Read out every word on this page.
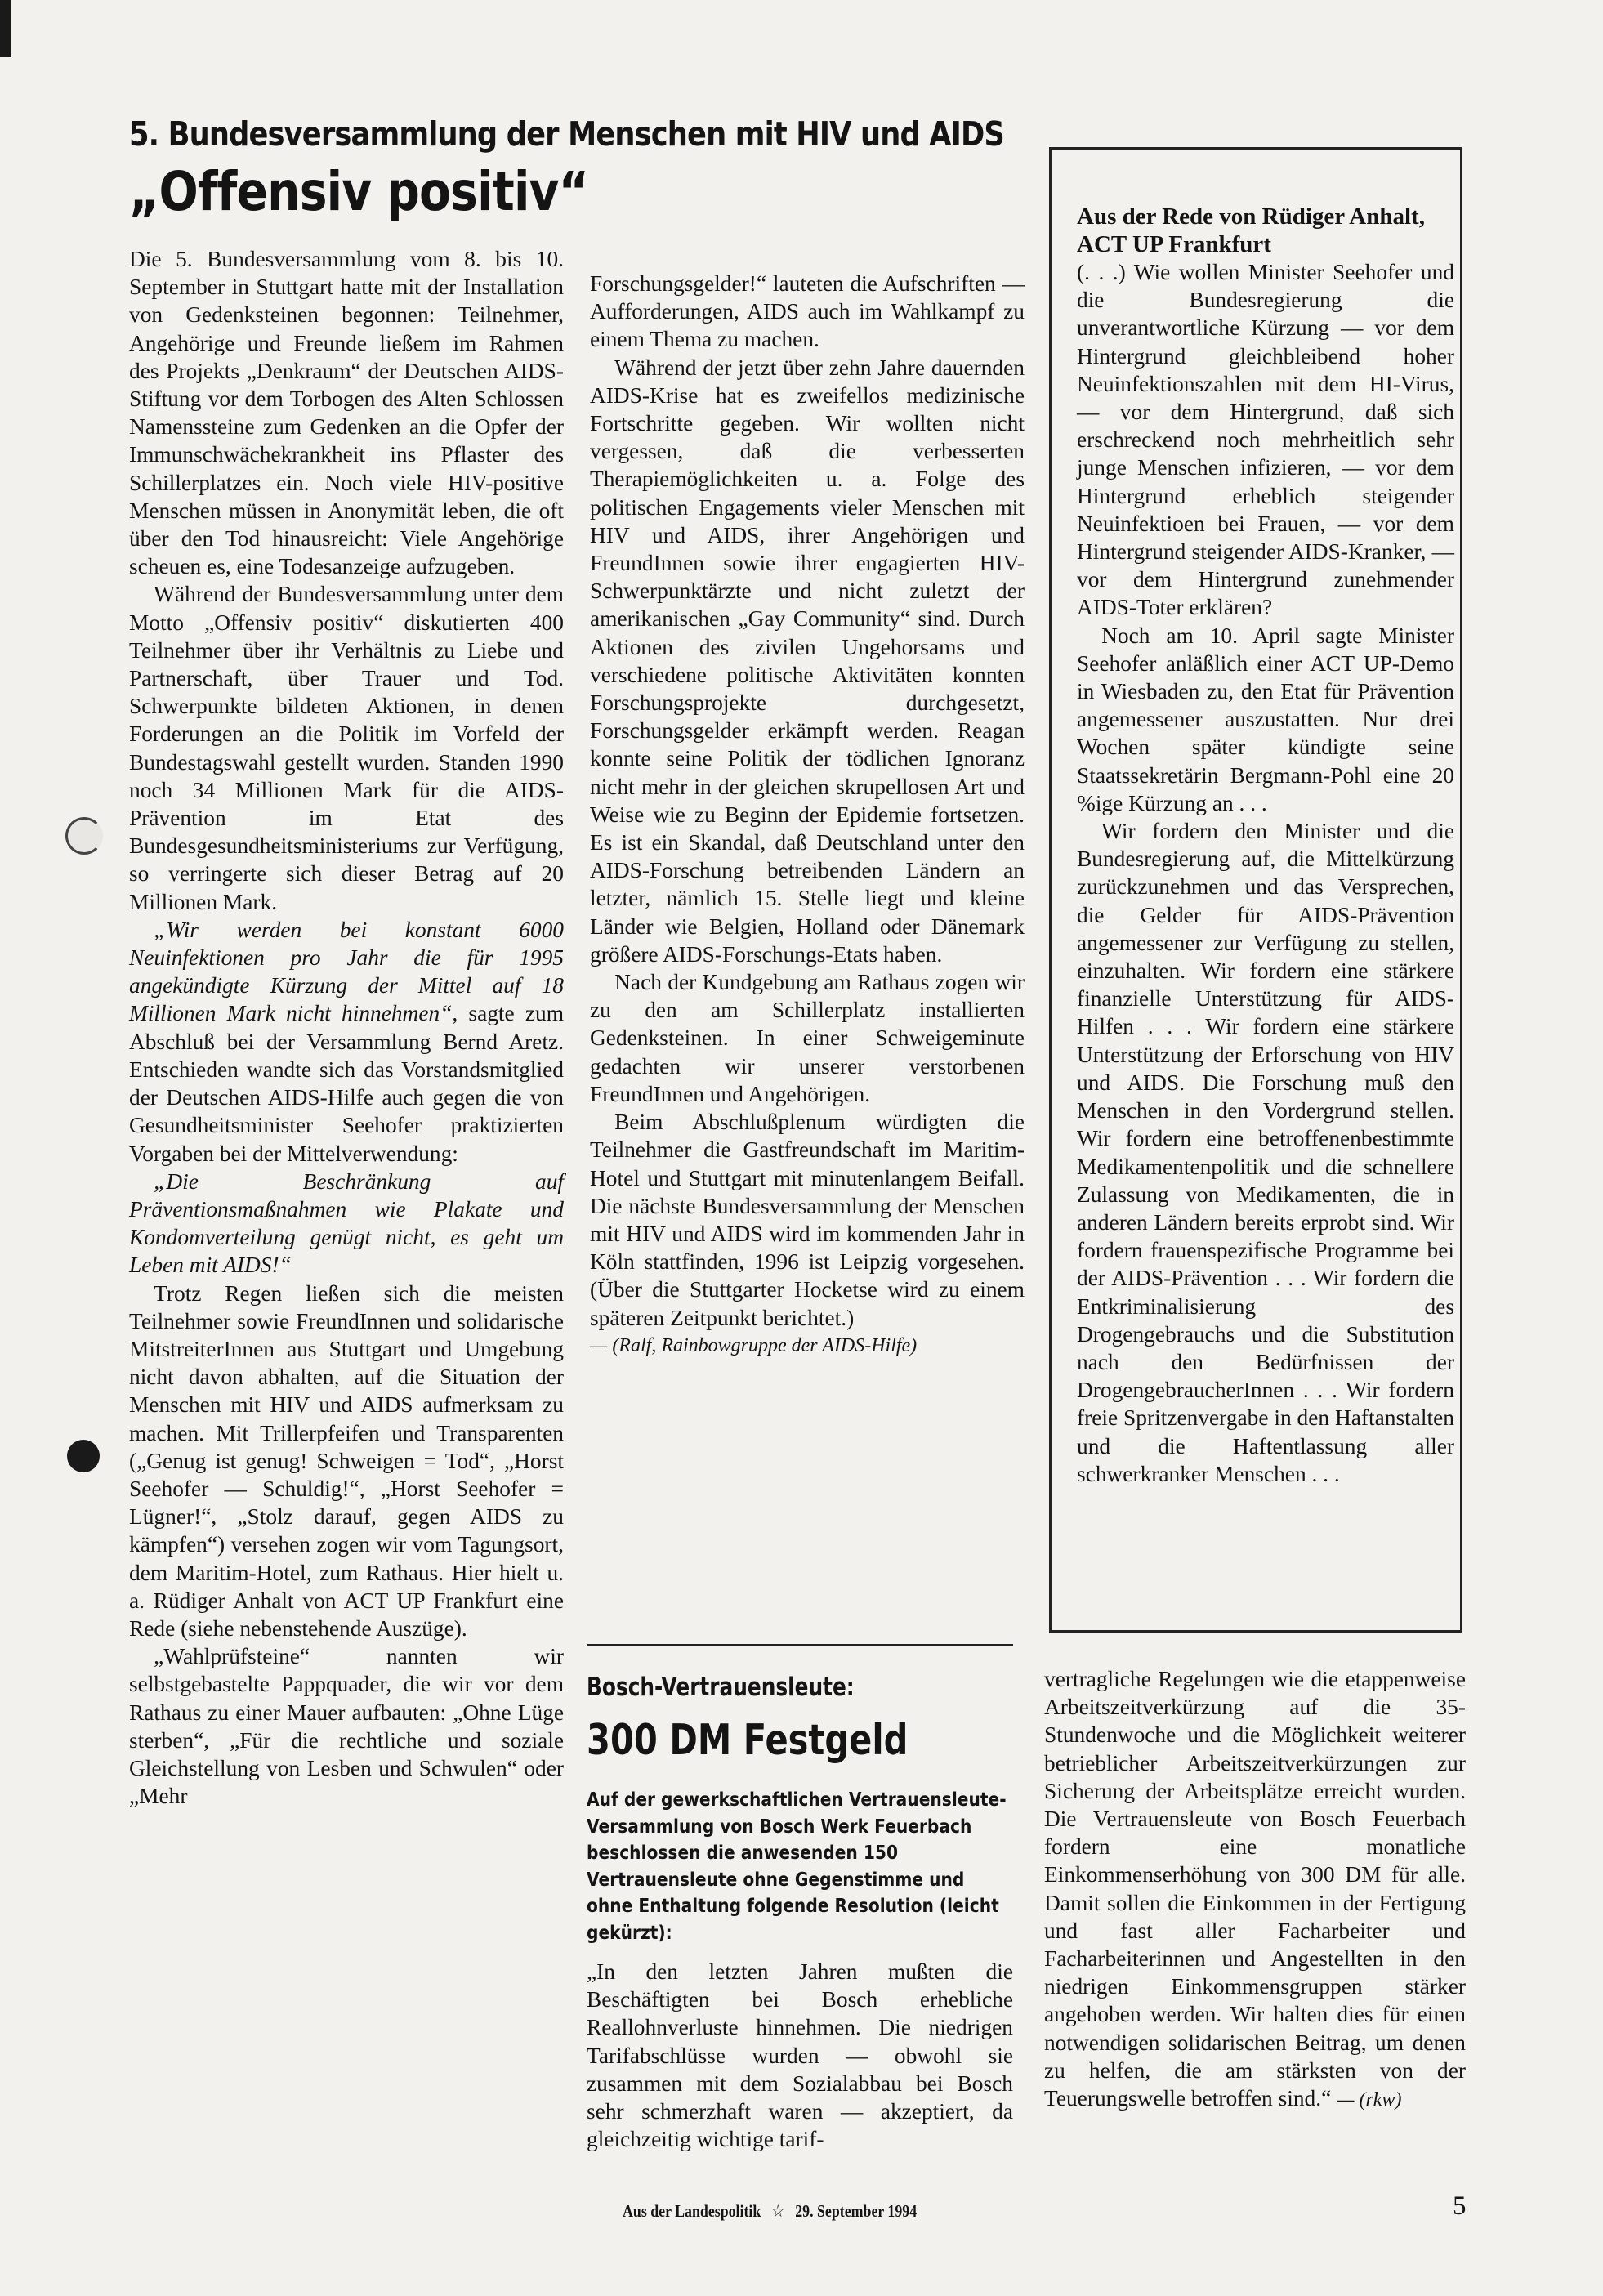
5. Bundesversammlung der Menschen mit HIV und AIDS
„Offensiv positiv“

Die 5. Bundesversammlung vom 8. bis 10. September in Stuttgart hatte mit der Installation von Gedenksteinen begonnen: Teilnehmer, Angehörige und Freunde ließem im Rahmen des Projekts „Denkraum“ der Deutschen AIDS-Stiftung vor dem Torbogen des Alten Schlossen Namenssteine zum Gedenken an die Opfer der Immunschwächekrankheit ins Pflaster des Schillerplatzes ein. Noch viele HIV-positive Menschen müssen in Anonymität leben, die oft über den Tod hinausreicht: Viele Angehörige scheuen es, eine Todesanzeige aufzugeben.

Während der Bundesversammlung unter dem Motto „Offensiv positiv“ diskutierten 400 Teilnehmer über ihr Verhältnis zu Liebe und Partnerschaft, über Trauer und Tod. Schwerpunkte bildeten Aktionen, in denen Forderungen an die Politik im Vorfeld der Bundestagswahl gestellt wurden. Standen 1990 noch 34 Millionen Mark für die AIDS-Prävention im Etat des Bundesgesundheitsministeriums zur Verfügung, so verringerte sich dieser Betrag auf 20 Millionen Mark.

„Wir werden bei konstant 6000 Neuinfektionen pro Jahr die für 1995 angekündigte Kürzung der Mittel auf 18 Millionen Mark nicht hinnehmen“, sagte zum Abschluß bei der Versammlung Bernd Aretz. Entschieden wandte sich das Vorstandsmitglied der Deutschen AIDS-Hilfe auch gegen die von Gesundheitsminister Seehofer praktizierten Vorgaben bei der Mittelverwendung:

„Die Beschränkung auf Präventionsmaßnahmen wie Plakate und Kondomverteilung genügt nicht, es geht um Leben mit AIDS!“

Trotz Regen ließen sich die meisten Teilnehmer sowie FreundInnen und solidarische MitstreiterInnen aus Stuttgart und Umgebung nicht davon abhalten, auf die Situation der Menschen mit HIV und AIDS aufmerksam zu machen. Mit Trillerpfeifen und Transparenten („Genug ist genug! Schweigen = Tod“, „Horst Seehofer — Schuldig!“, „Horst Seehofer = Lügner!“, „Stolz darauf, gegen AIDS zu kämpfen“) versehen zogen wir vom Tagungsort, dem Maritim-Hotel, zum Rathaus. Hier hielt u. a. Rüdiger Anhalt von ACT UP Frankfurt eine Rede (siehe nebenstehende Auszüge).

„Wahlprüfsteine“ nannten wir selbstgebastelte Pappquader, die wir vor dem Rathaus zu einer Mauer aufbauten: „Ohne Lüge sterben“, „Für die rechtliche und soziale Gleichstellung von Lesben und Schwulen“ oder „Mehr

Forschungsgelder!“ lauteten die Aufschriften — Aufforderungen, AIDS auch im Wahlkampf zu einem Thema zu machen.

Während der jetzt über zehn Jahre dauernden AIDS-Krise hat es zweifellos medizinische Fortschritte gegeben. Wir wollten nicht vergessen, daß die verbesserten Therapiemöglichkeiten u. a. Folge des politischen Engagements vieler Menschen mit HIV und AIDS, ihrer Angehörigen und FreundInnen sowie ihrer engagierten HIV-Schwerpunktärzte und nicht zuletzt der amerikanischen „Gay Community“ sind. Durch Aktionen des zivilen Ungehorsams und verschiedene politische Aktivitäten konnten Forschungsprojekte durchgesetzt, Forschungsgelder erkämpft werden. Reagan konnte seine Politik der tödlichen Ignoranz nicht mehr in der gleichen skrupellosen Art und Weise wie zu Beginn der Epidemie fortsetzen. Es ist ein Skandal, daß Deutschland unter den AIDS-Forschung betreibenden Ländern an letzter, nämlich 15. Stelle liegt und kleine Länder wie Belgien, Holland oder Dänemark größere AIDS-Forschungs-Etats haben.

Nach der Kundgebung am Rathaus zogen wir zu den am Schillerplatz installierten Gedenksteinen. In einer Schweigeminute gedachten wir unserer verstorbenen FreundInnen und Angehörigen.

Beim Abschlußplenum würdigten die Teilnehmer die Gastfreundschaft im Maritim-Hotel und Stuttgart mit minutenlangem Beifall. Die nächste Bundesversammlung der Menschen mit HIV und AIDS wird im kommenden Jahr in Köln stattfinden, 1996 ist Leipzig vorgesehen. (Über die Stuttgarter Hocketse wird zu einem späteren Zeitpunkt berichtet.)

— (Ralf, Rainbowgruppe der AIDS-Hilfe)

Aus der Rede von Rüdiger Anhalt, ACT UP Frankfurt

(. . .) Wie wollen Minister Seehofer und die Bundesregierung die unverantwortliche Kürzung — vor dem Hintergrund gleichbleibend hoher Neuinfektionszahlen mit dem HI-Virus, — vor dem Hintergrund, daß sich erschreckend noch mehrheitlich sehr junge Menschen infizieren, — vor dem Hintergrund erheblich steigender Neuinfektioen bei Frauen, — vor dem Hintergrund steigender AIDS-Kranker, — vor dem Hintergrund zunehmender AIDS-Toter erklären?

Noch am 10. April sagte Minister Seehofer anläßlich einer ACT UP-Demo in Wiesbaden zu, den Etat für Prävention angemessener auszustatten. Nur drei Wochen später kündigte seine Staatssekretärin Bergmann-Pohl eine 20 %ige Kürzung an . . .

Wir fordern den Minister und die Bundesregierung auf, die Mittelkürzung zurückzunehmen und das Versprechen, die Gelder für AIDS-Prävention angemessener zur Verfügung zu stellen, einzuhalten. Wir fordern eine stärkere finanzielle Unterstützung für AIDS-Hilfen . . . Wir fordern eine stärkere Unterstützung der Erforschung von HIV und AIDS. Die Forschung muß den Menschen in den Vordergrund stellen. Wir fordern eine betroffenenbestimmte Medikamentenpolitik und die schnellere Zulassung von Medikamenten, die in anderen Ländern bereits erprobt sind. Wir fordern frauenspezifische Programme bei der AIDS-Prävention . . . Wir fordern die Entkriminalisierung des Drogengebrauchs und die Substitution nach den Bedürfnissen der DrogengebraucherInnen . . . Wir fordern freie Spritzenvergabe in den Haftanstalten und die Haftentlassung aller schwerkranker Menschen . . .

Bosch-Vertrauensleute:
300 DM Festgeld
Auf der gewerkschaftlichen Vertrauensleute-Versammlung von Bosch Werk Feuerbach beschlossen die anwesenden 150 Vertrauensleute ohne Gegenstimme und ohne Enthaltung folgende Resolution (leicht gekürzt):

„In den letzten Jahren mußten die Beschäftigten bei Bosch erhebliche Reallohnverluste hinnehmen. Die niedrigen Tarifabschlüsse wurden — obwohl sie zusammen mit dem Sozialabbau bei Bosch sehr schmerzhaft waren — akzeptiert, da gleichzeitig wichtige tarif-

vertragliche Regelungen wie die etappenweise Arbeitszeitverkürzung auf die 35-Stundenwoche und die Möglichkeit weiterer betrieblicher Arbeitszeitverkürzungen zur Sicherung der Arbeitsplätze erreicht wurden. Die Vertrauensleute von Bosch Feuerbach fordern eine monatliche Einkommenserhöhung von 300 DM für alle. Damit sollen die Einkommen in der Fertigung und fast aller Facharbeiter und Facharbeiterinnen und Angestellten in den niedrigen Einkommensgruppen stärker angehoben werden. Wir halten dies für einen notwendigen solidarischen Beitrag, um denen zu helfen, die am stärksten von der Teuerungswelle betroffen sind.“ — (rkw)

Aus der Landespolitik ☆ 29. September 1994	5
